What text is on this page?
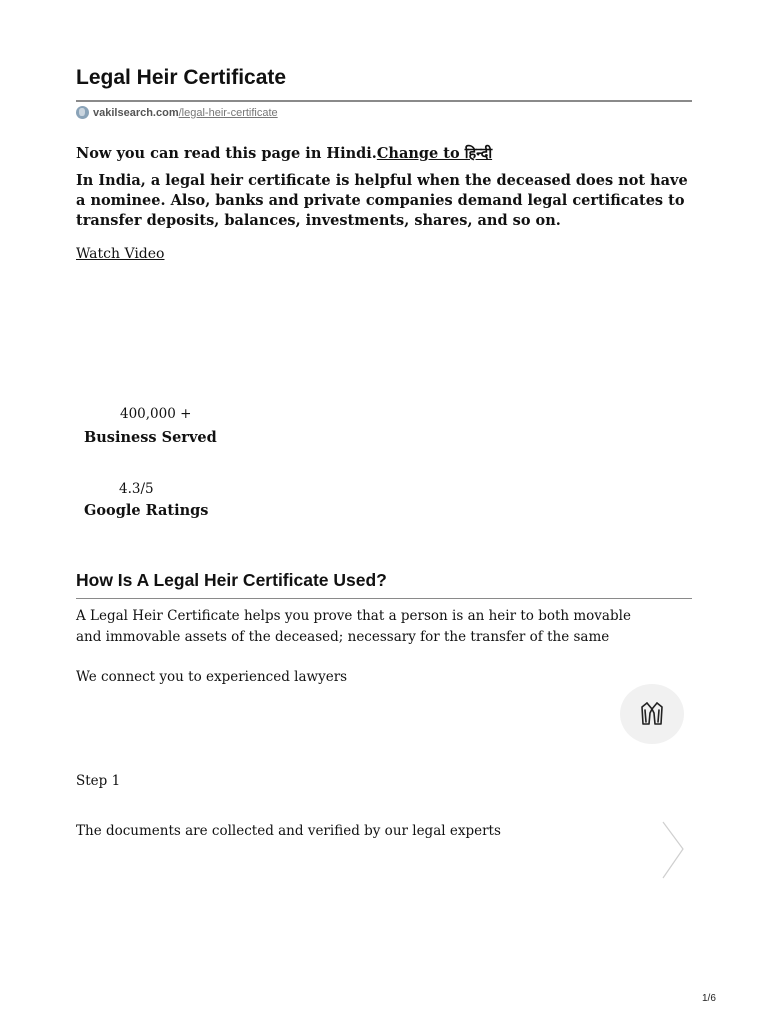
Legal Heir Certificate
vakilsearch.com/legal-heir-certificate
Now you can read this page in Hindi.Change to हिन्दी
In India, a legal heir certificate is helpful when the deceased does not have a nominee. Also, banks and private companies demand legal certificates to transfer deposits, balances, investments, shares, and so on.
Watch Video
400,000 +
Business Served
4.3/5
Google Ratings
How Is A Legal Heir Certificate Used?
A Legal Heir Certificate helps you prove that a person is an heir to both movable and immovable assets of the deceased; necessary for the transfer of the same
We connect you to experienced lawyers
Step 1
The documents are collected and verified by our legal experts
1/6
